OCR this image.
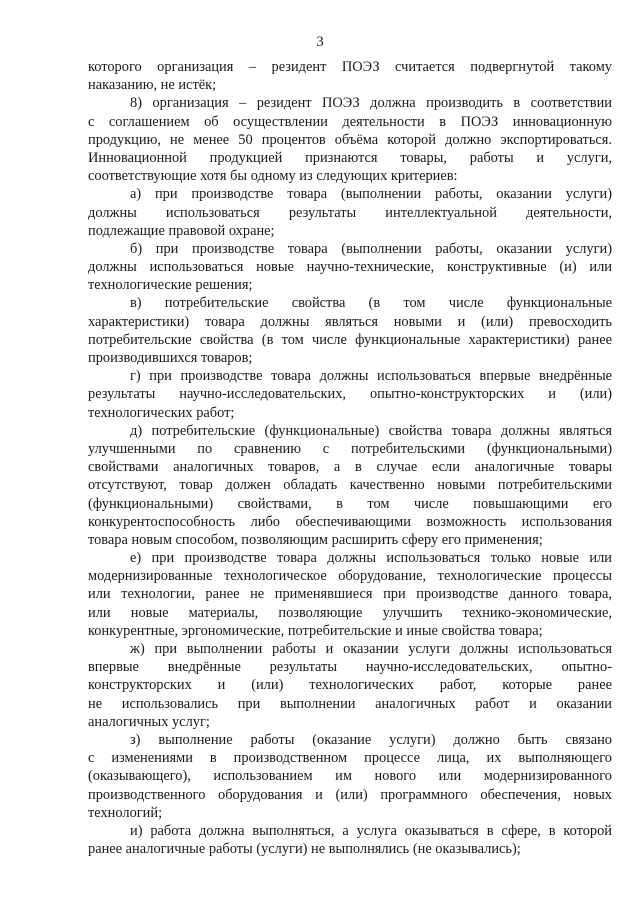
3
которого организация – резидент ПОЭЗ считается подвергнутой такому
наказанию, не истёк;
8) организация – резидент ПОЭЗ должна производить в соответствии
с соглашением об осуществлении деятельности в ПОЭЗ инновационную
продукцию, не менее 50 процентов объёма которой должно экспортироваться.
Инновационной продукцией признаются товары, работы и услуги,
соответствующие хотя бы одному из следующих критериев:
а) при производстве товара (выполнении работы, оказании услуги)
должны использоваться результаты интеллектуальной деятельности,
подлежащие правовой охране;
б) при производстве товара (выполнении работы, оказании услуги)
должны использоваться новые научно-технические, конструктивные (и) или
технологические решения;
в) потребительские свойства (в том числе функциональные
характеристики) товара должны являться новыми и (или) превосходить
потребительские свойства (в том числе функциональные характеристики) ранее
производившихся товаров;
г) при производстве товара должны использоваться впервые внедрённые
результаты научно-исследовательских, опытно-конструкторских и (или)
технологических работ;
д) потребительские (функциональные) свойства товара должны являться
улучшенными по сравнению с потребительскими (функциональными)
свойствами аналогичных товаров, а в случае если аналогичные товары
отсутствуют, товар должен обладать качественно новыми потребительскими
(функциональными) свойствами, в том числе повышающими его
конкурентоспособность либо обеспечивающими возможность использования
товара новым способом, позволяющим расширить сферу его применения;
е) при производстве товара должны использоваться только новые или
модернизированные технологическое оборудование, технологические процессы
или технологии, ранее не применявшиеся при производстве данного товара,
или новые материалы, позволяющие улучшить технико-экономические,
конкурентные, эргономические, потребительские и иные свойства товара;
ж) при выполнении работы и оказании услуги должны использоваться
впервые внедрённые результаты научно-исследовательских, опытно-
конструкторских и (или) технологических работ, которые ранее
не использовались при выполнении аналогичных работ и оказании
аналогичных услуг;
з) выполнение работы (оказание услуги) должно быть связано
с изменениями в производственном процессе лица, их выполняющего
(оказывающего), использованием им нового или модернизированного
производственного оборудования и (или) программного обеспечения, новых
технологий;
и) работа должна выполняться, а услуга оказываться в сфере, в которой
ранее аналогичные работы (услуги) не выполнялись (не оказывались);
